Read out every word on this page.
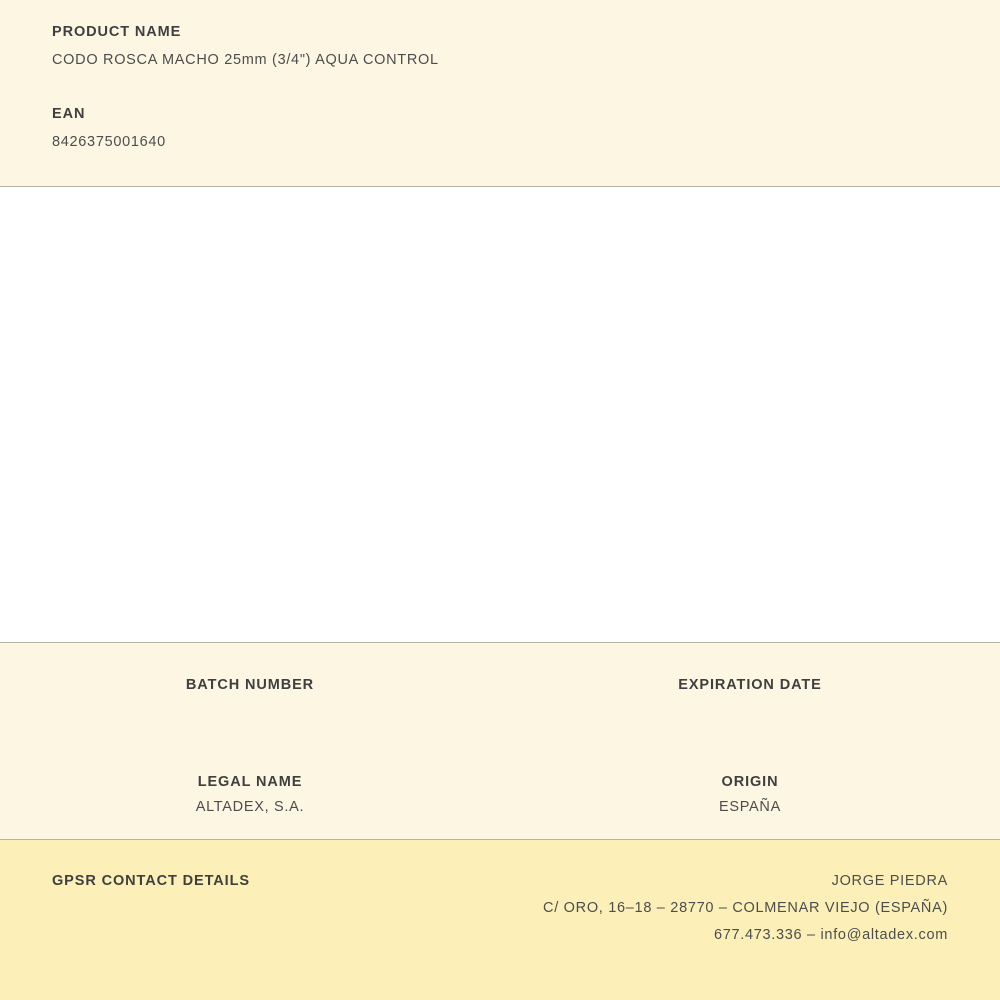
PRODUCT NAME

CODO ROSCA MACHO 25mm (3/4") AQUA CONTROL

EAN

8426375001640

BATCH NUMBER	EXPIRATION DATE

LEGAL NAME

ALTADEX, S.A.

ORIGIN

ESPAÑA

GPSR CONTACT DETAILS	JORGE PIEDRA

C/ ORO, 16–18 – 28770 – COLMENAR VIEJO (ESPAÑA)

677.473.336 – info@altadex.com
